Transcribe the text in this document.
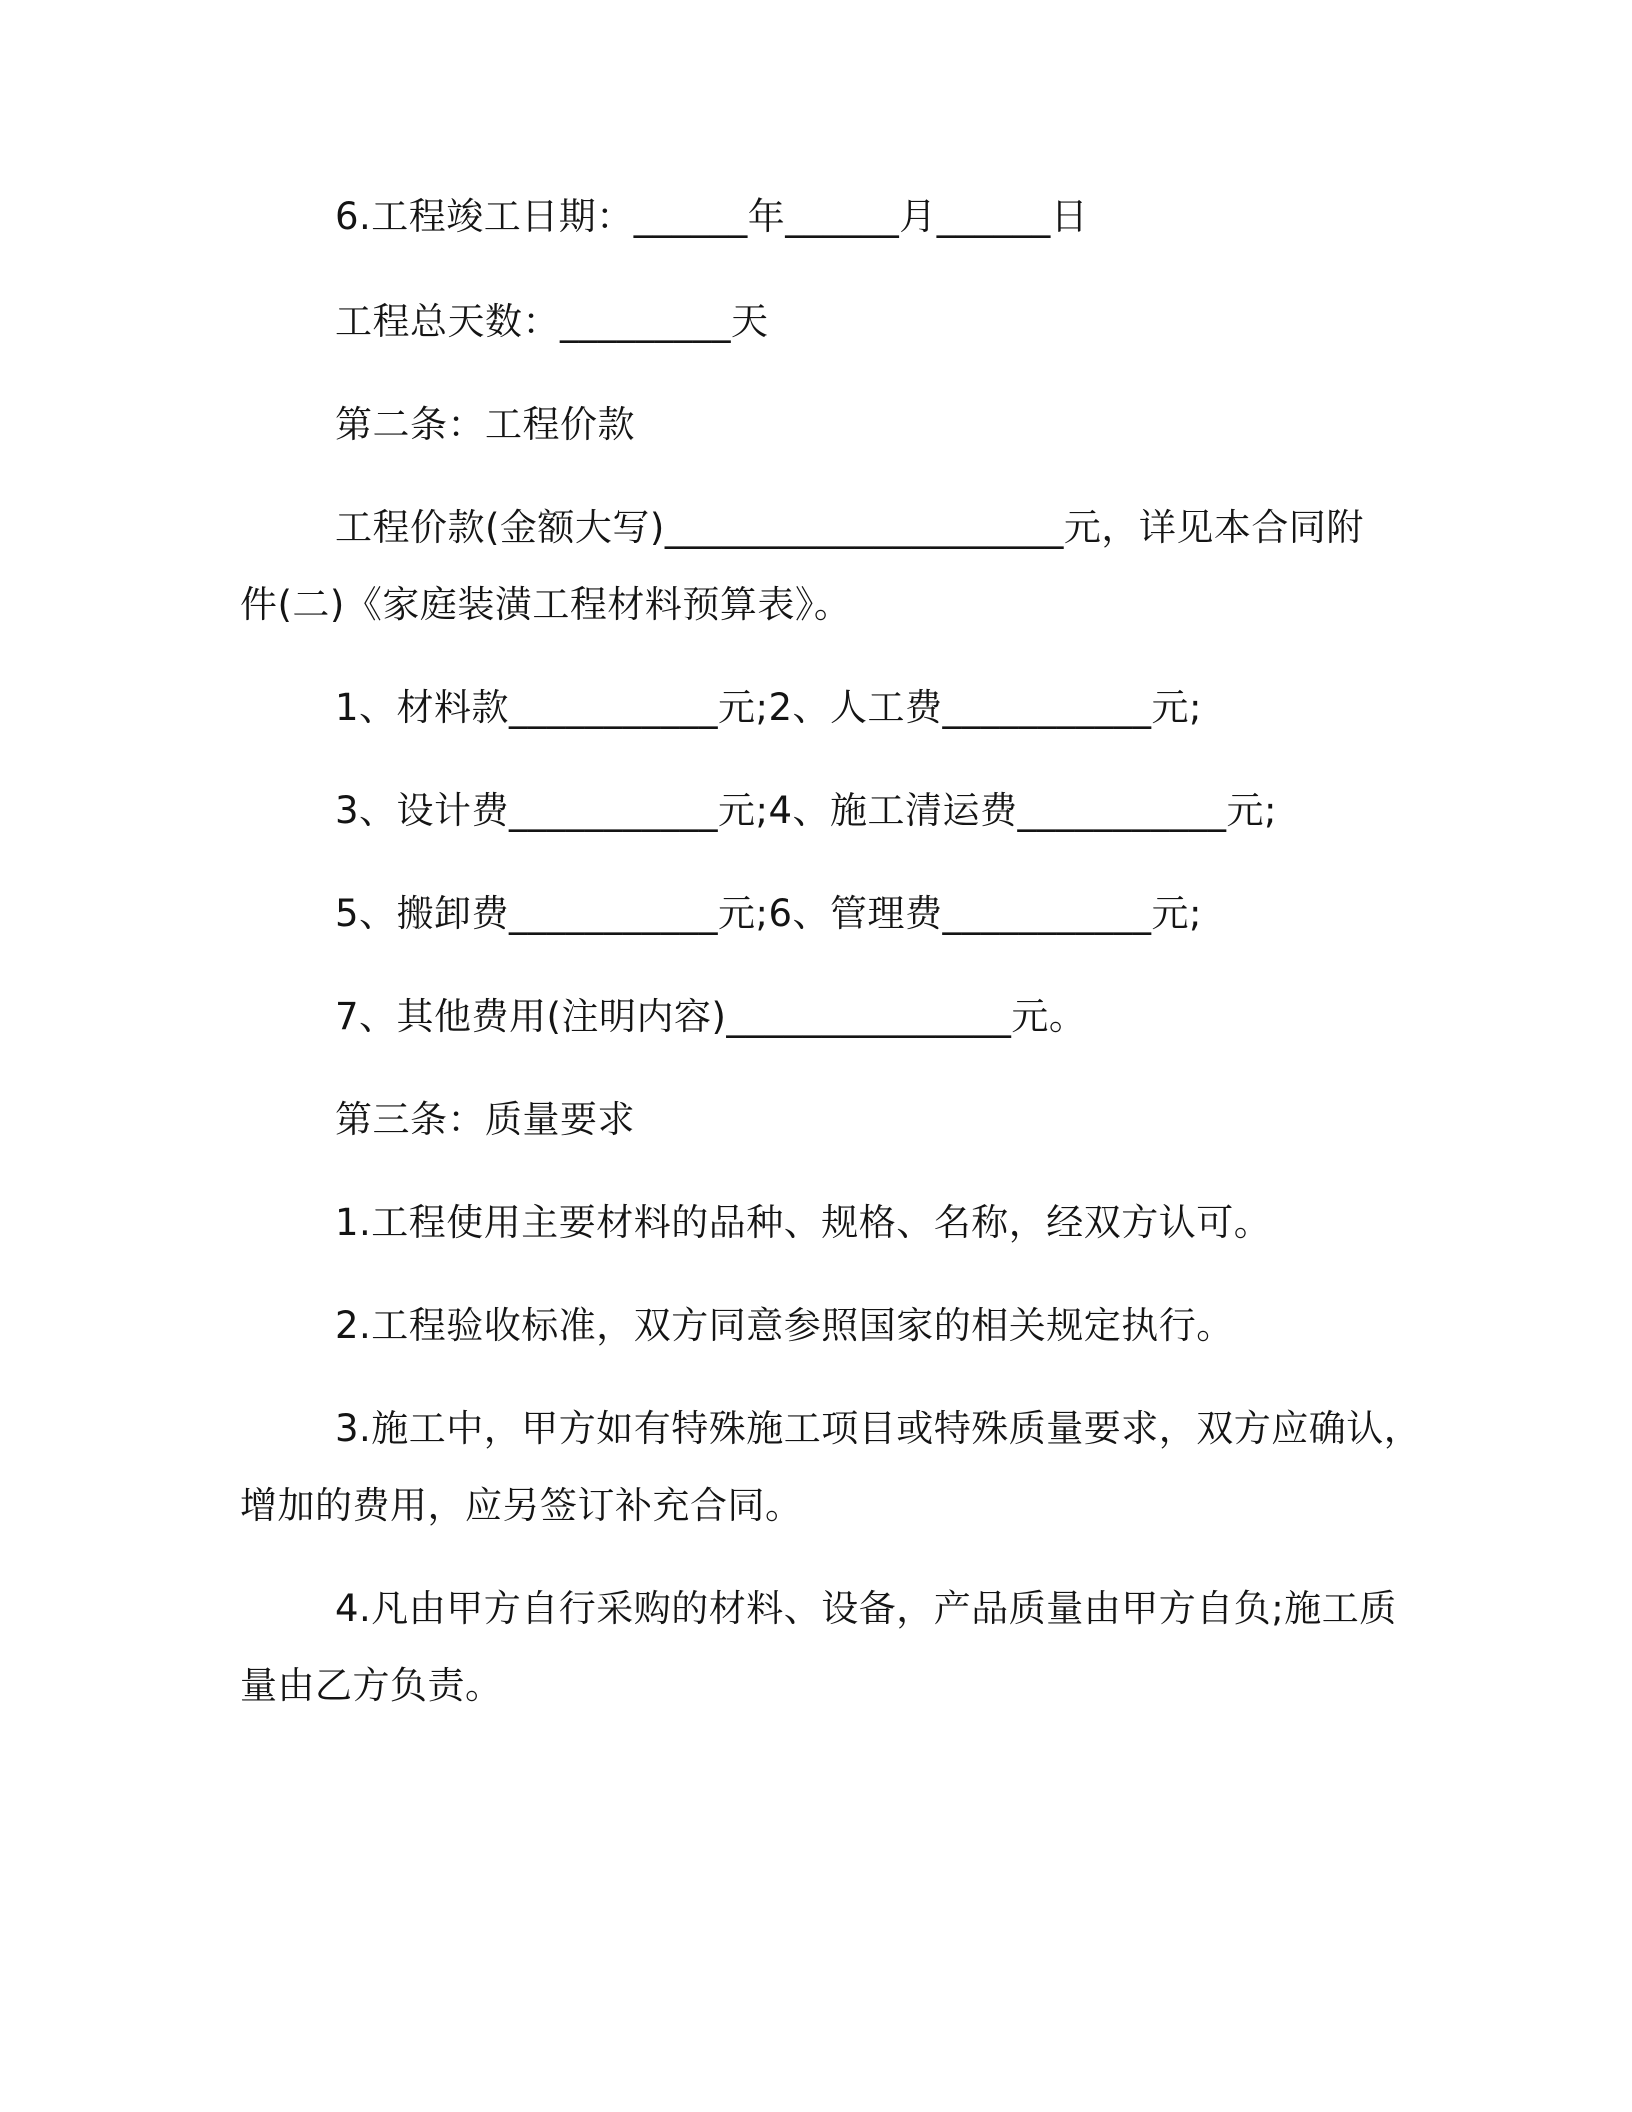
6.工程竣工日期：______年______月______日
工程总天数：_________天
第二条：工程价款
工程价款(金额大写)_____________________元，详见本合同附
件(二)《家庭装潢工程材料预算表》。
1、材料款___________元;2、人工费___________元;
3、设计费___________元;4、施工清运费___________元;
5、搬卸费___________元;6、管理费___________元;
7、其他费用(注明内容)_______________元。
第三条：质量要求
1.工程使用主要材料的品种、规格、名称，经双方认可。
2.工程验收标准，双方同意参照国家的相关规定执行。
3.施工中，甲方如有特殊施工项目或特殊质量要求，双方应确认，
增加的费用，应另签订补充合同。
4.凡由甲方自行采购的材料、设备，产品质量由甲方自负;施工质
量由乙方负责。
